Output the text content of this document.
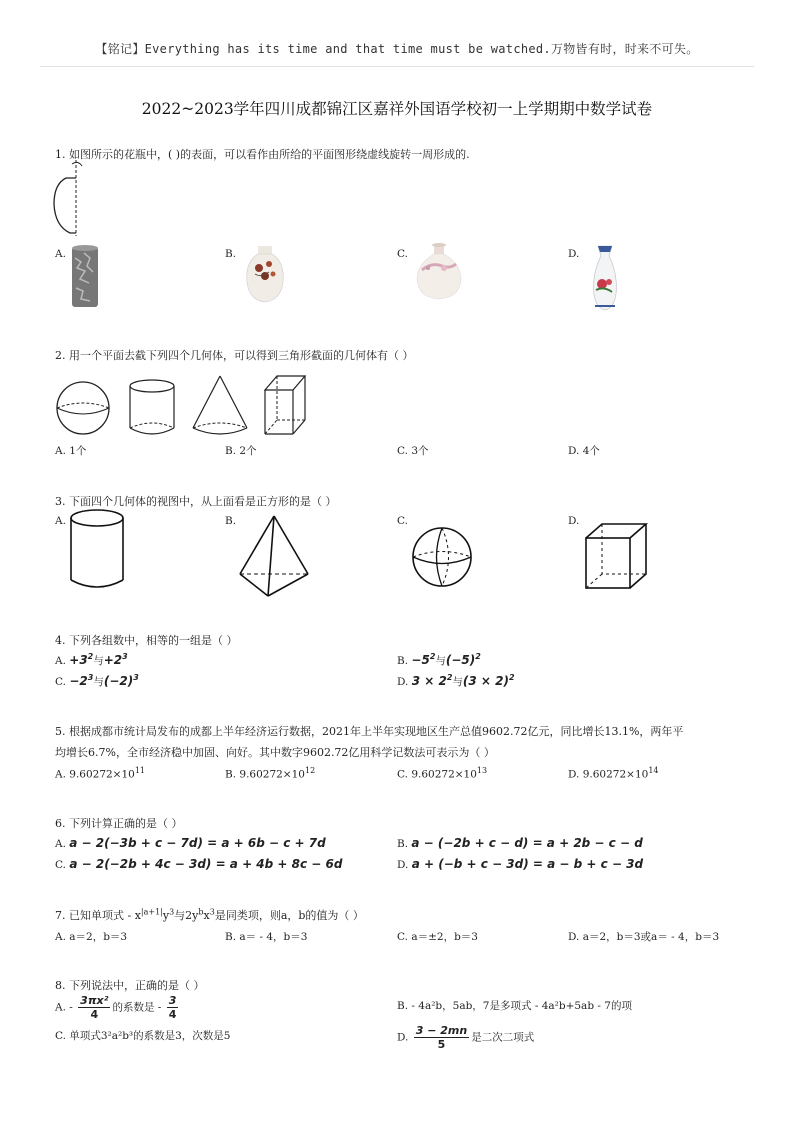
【铭记】Everything has its time and that time must be watched.万物皆有时，时来不可失。
2022~2023学年四川成都锦江区嘉祥外国语学校初一上学期期中数学试卷
1. 如图所示的花瓶中，( )的表面，可以看作由所给的平面图形绕虚线旋转一周形成的.
A.	B.	C.	D.
2. 用一个平面去截下列四个几何体，可以得到三角形截面的几何体有（ ）
A. 1个	B. 2个	C. 3个	D. 4个
3. 下面四个几何体的视图中，从上面看是正方形的是（ ）
A.	B.	C.	D.
4. 下列各组数中，相等的一组是（ ）
A. $+3^2$与$+2^3$	B. $-5^2$与$(-5)^2$
C. $-2^3$与$(-2)^3$	D. $3 \times 2^2$与$(3 \times 2)^2$
5. 根据成都市统计局发布的成都上半年经济运行数据，2021年上半年实现地区生产总值9602.72亿元，同比增长13.1%，两年平
均增长6.7%，全市经济稳中加固、向好。其中数字9602.72亿用科学记数法可表示为（ ）
A. $9.60272\times 10^{11}$	B. $9.60272\times 10^{12}$	C. $9.60272\times 10^{13}$	D. $9.60272\times 10^{14}$
6. 下列计算正确的是（ ）
A. a − 2(−3b + c − 7d) = a + 6b − c + 7d	B. a − (−2b + c − d) = a + 2b − c − d
C. a − 2(−2b + 4c − 3d) = a + 4b + 8c − 6d	D. a + (−b + c − 3d) = a − b + c − 3d
7. 已知单项式 - $x^{|a+1|}y^3$与$2y^bx^3$是同类项，则a，b的值为（ ）
A. a＝2，b＝3	B. a＝ - 4，b＝3	C. a＝±2，b＝3	D. a＝2，b＝3或a＝ - 4，b＝3
8. 下列说法中，正确的是（ ）
A. - $\frac{\text{3πx²}}{4}$ 的系数是 - $\frac{3}{4}$	B. - 4a²b，5ab，7是多项式 - 4a²b+5ab - 7的项
C. 单项式3²a²b³的系数是3，次数是5	D. $\frac{3 - 2mn}{5}$ 是二次二项式
